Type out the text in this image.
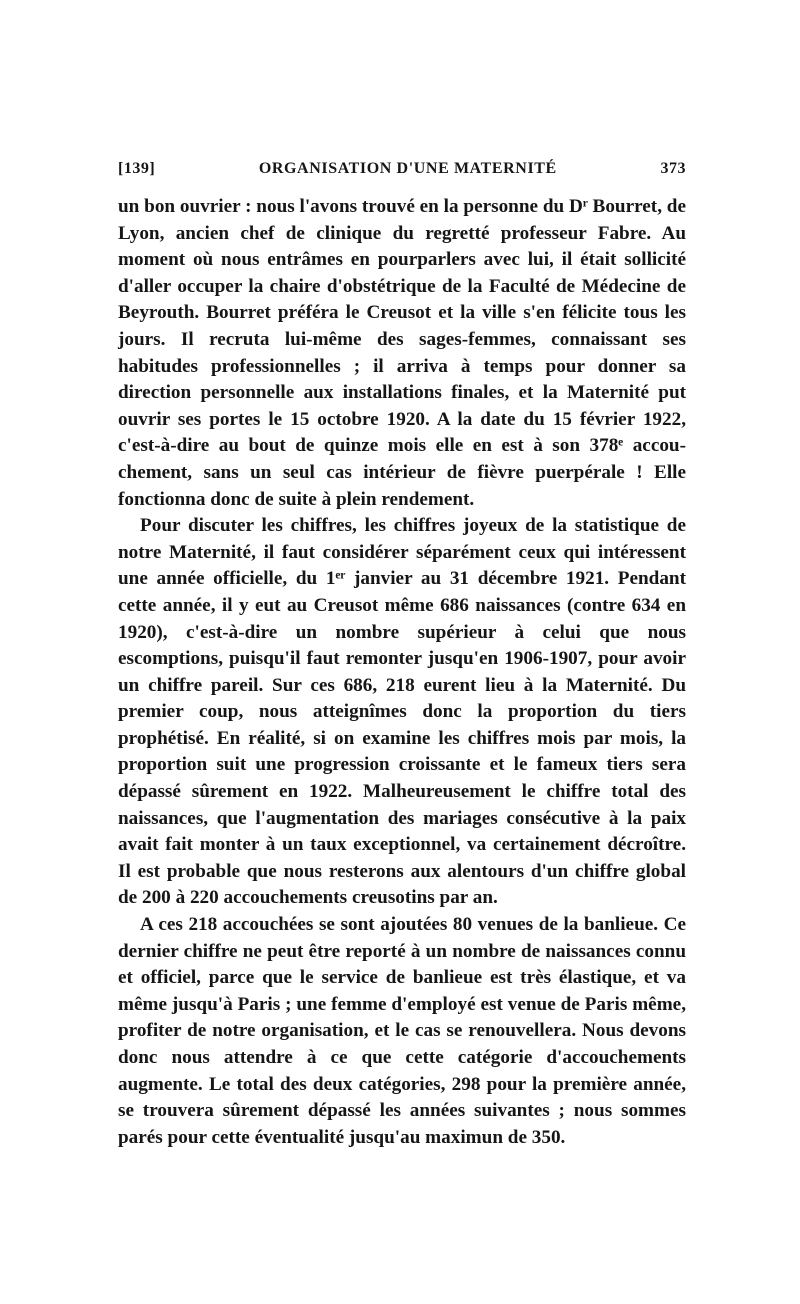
[139]	ORGANISATION D'UNE MATERNITÉ	373

un bon ouvrier : nous l'avons trouvé en la personne du Dʳ Bourret, de Lyon, ancien chef de clinique du regretté professeur Fabre. Au moment où nous entrâmes en pourparlers avec lui, il était sollicité d'aller occuper la chaire d'obstétrique de la Faculté de Médecine de Beyrouth. Bourret préféra le Creusot et la ville s'en félicite tous les jours. Il recruta lui-même des sages-femmes, connaissant ses habitudes professionnelles ; il arriva à temps pour donner sa direction personnelle aux installations finales, et la Maternité put ouvrir ses portes le 15 octobre 1920. A la date du 15 février 1922, c'est-à-dire au bout de quinze mois elle en est à son 378ᵉ accouchement, sans un seul cas intérieur de fièvre puerpérale ! Elle fonctionna donc de suite à plein rendement.

Pour discuter les chiffres, les chiffres joyeux de la statistique de notre Maternité, il faut considérer séparément ceux qui intéressent une année officielle, du 1ᵉʳ janvier au 31 décembre 1921. Pendant cette année, il y eut au Creusot même 686 naissances (contre 634 en 1920), c'est-à-dire un nombre supérieur à celui que nous escomptions, puisqu'il faut remonter jusqu'en 1906-1907, pour avoir un chiffre pareil. Sur ces 686, 218 eurent lieu à la Maternité. Du premier coup, nous atteignîmes donc la proportion du tiers prophétisé. En réalité, si on examine les chiffres mois par mois, la proportion suit une progression croissante et le fameux tiers sera dépassé sûrement en 1922. Malheureusement le chiffre total des naissances, que l'augmentation des mariages consécutive à la paix avait fait monter à un taux exceptionnel, va certainement décroître. Il est probable que nous resterons aux alentours d'un chiffre global de 200 à 220 accouchements creusotins par an.

A ces 218 accouchées se sont ajoutées 80 venues de la banlieue. Ce dernier chiffre ne peut être reporté à un nombre de naissances connu et officiel, parce que le service de banlieue est très élastique, et va même jusqu'à Paris ; une femme d'employé est venue de Paris même, profiter de notre organisation, et le cas se renouvellera. Nous devons donc nous attendre à ce que cette catégorie d'accouchements augmente. Le total des deux catégories, 298 pour la première année, se trouvera sûrement dépassé les années suivantes ; nous sommes parés pour cette éventualité jusqu'au maximun de 350.
